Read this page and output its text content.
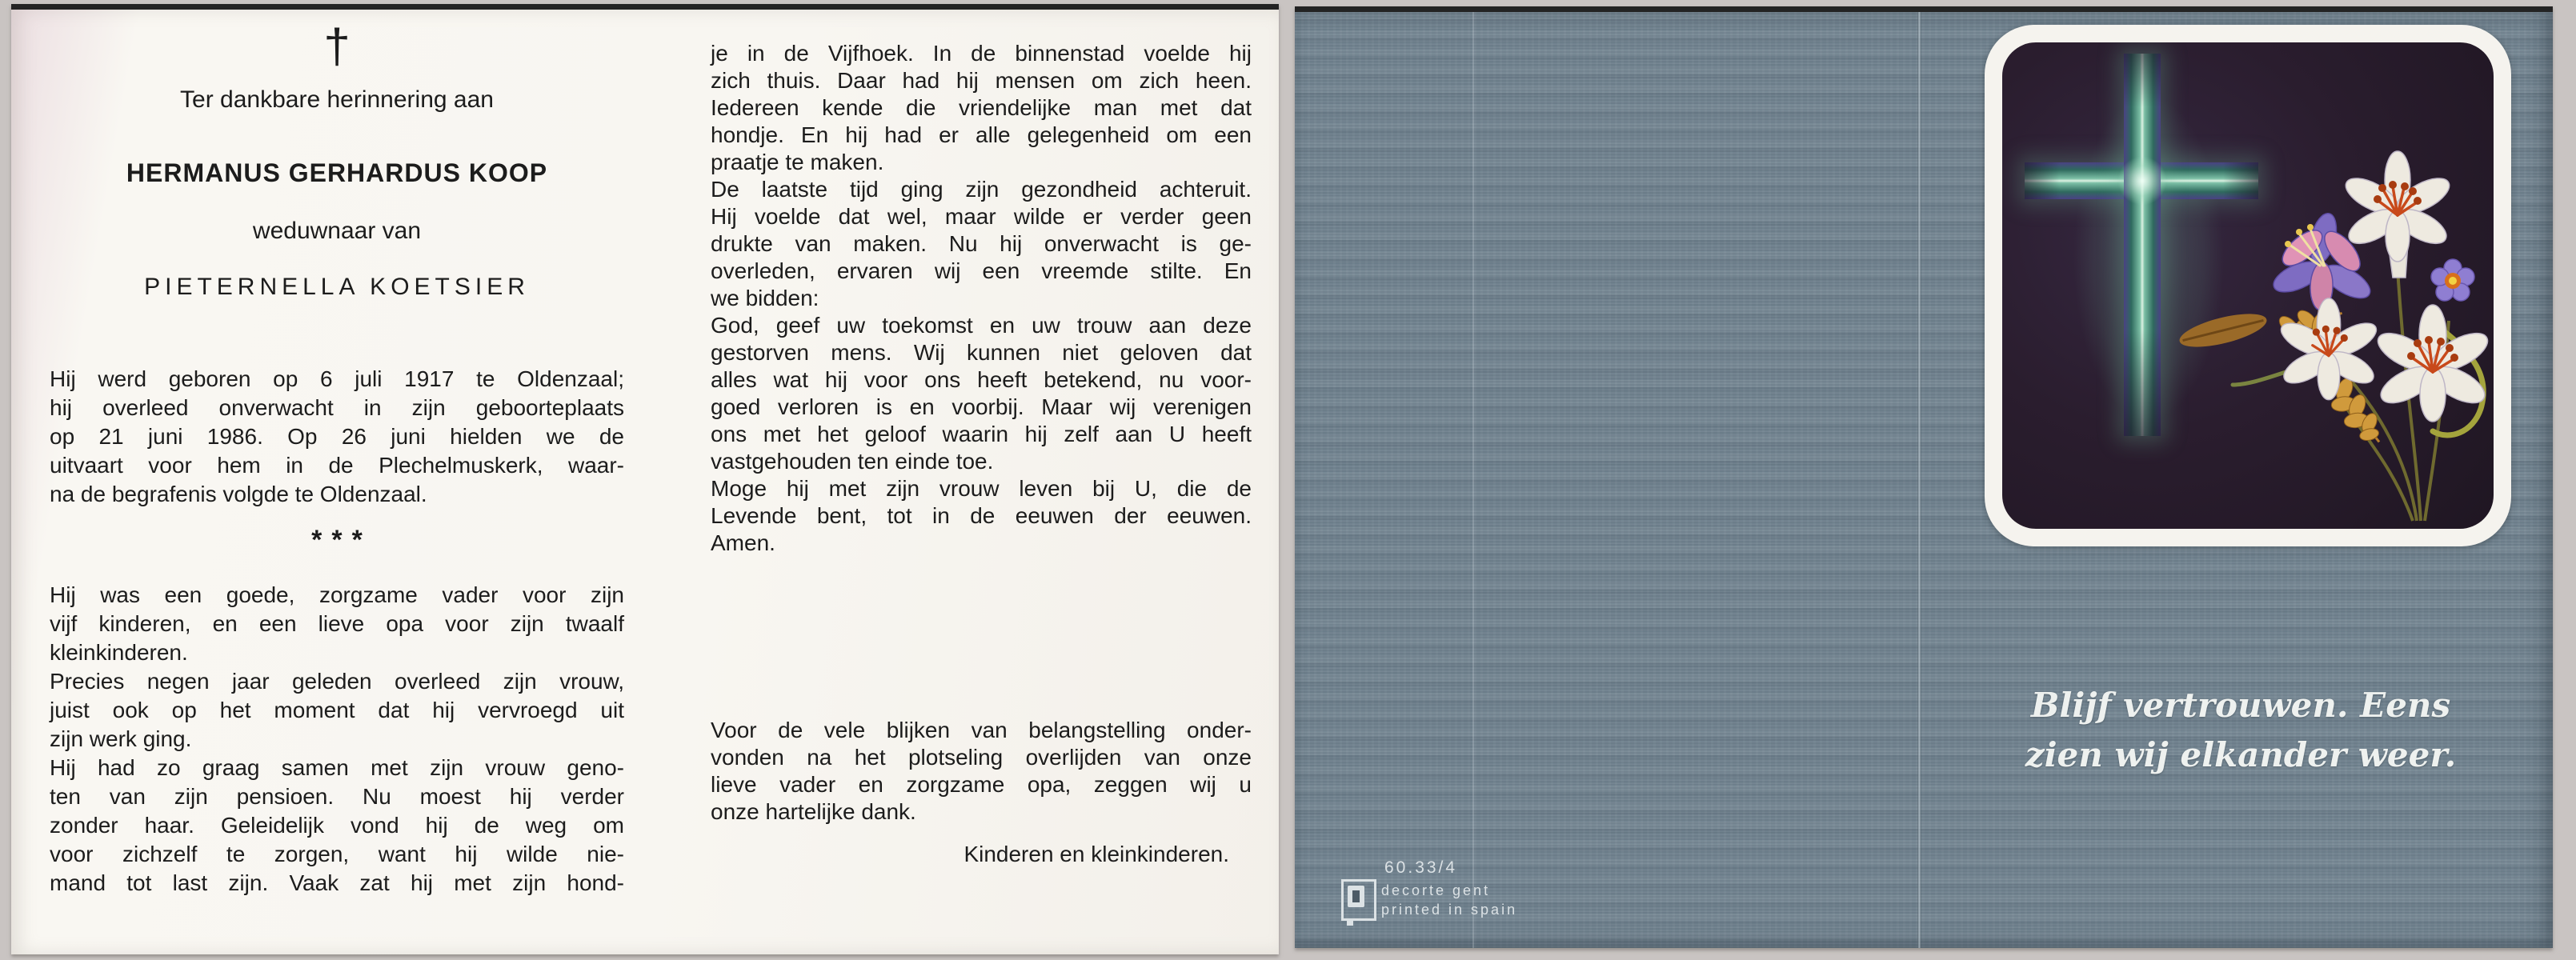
†
Ter dankbare herinnering aan
HERMANUS GERHARDUS KOOP
weduwnaar van
PIETERNELLA KOETSIER
Hij werd geboren op 6 juli 1917 te Oldenzaal;
hij overleed onverwacht in zijn geboorteplaats
op 21 juni 1986. Op 26 juni hielden we de
uitvaart voor hem in de Plechelmuskerk, waar-
na de begrafenis volgde te Oldenzaal.
***
Hij was een goede, zorgzame vader voor zijn
vijf kinderen, en een lieve opa voor zijn twaalf
kleinkinderen.
Precies negen jaar geleden overleed zijn vrouw,
juist ook op het moment dat hij vervroegd uit
zijn werk ging.
Hij had zo graag samen met zijn vrouw geno-
ten van zijn pensioen. Nu moest hij verder
zonder haar. Geleidelijk vond hij de weg om
voor zichzelf te zorgen, want hij wilde nie-
mand tot last zijn. Vaak zat hij met zijn hond-
je in de Vijfhoek. In de binnenstad voelde hij
zich thuis. Daar had hij mensen om zich heen.
Iedereen kende die vriendelijke man met dat
hondje. En hij had er alle gelegenheid om een
praatje te maken.
De laatste tijd ging zijn gezondheid achteruit.
Hij voelde dat wel, maar wilde er verder geen
drukte van maken. Nu hij onverwacht is ge-
overleden, ervaren wij een vreemde stilte. En
we bidden:
God, geef uw toekomst en uw trouw aan deze
gestorven mens. Wij kunnen niet geloven dat
alles wat hij voor ons heeft betekend, nu voor-
goed verloren is en voorbij. Maar wij verenigen
ons met het geloof waarin hij zelf aan U heeft
vastgehouden ten einde toe.
Moge hij met zijn vrouw leven bij U, die de
Levende bent, tot in de eeuwen der eeuwen.
Amen.
Voor de vele blijken van belangstelling onder-
vonden na het plotseling overlijden van onze
lieve vader en zorgzame opa, zeggen wij u
onze hartelijke dank.
Kinderen en kleinkinderen.
Blijf vertrouwen. Eens
zien wij elkander weer.
60.33/4
decorte gent
printed in spain
